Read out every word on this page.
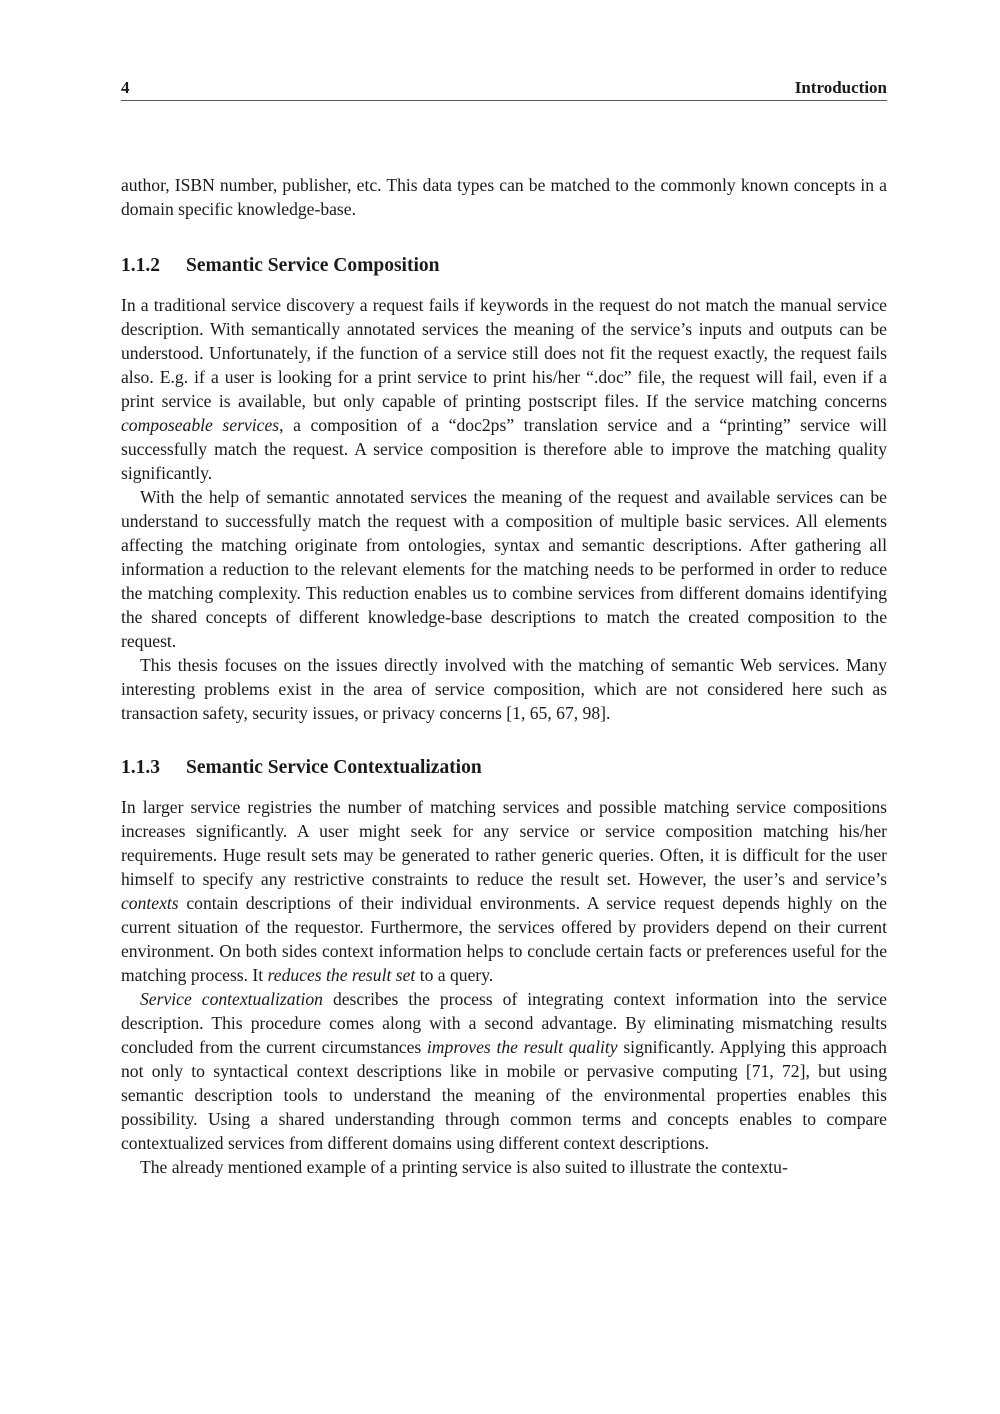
4	Introduction

author, ISBN number, publisher, etc. This data types can be matched to the commonly known concepts in a domain specific knowledge-base.

1.1.2 Semantic Service Composition

In a traditional service discovery a request fails if keywords in the request do not match the manual service description. With semantically annotated services the meaning of the service’s inputs and outputs can be understood. Unfortunately, if the function of a service still does not fit the request exactly, the request fails also. E.g. if a user is looking for a print service to print his/her “.doc” file, the request will fail, even if a print service is available, but only capable of printing postscript files. If the service matching concerns composeable services, a composition of a “doc2ps” translation service and a “printing” service will successfully match the request. A service composition is therefore able to improve the matching quality significantly.

With the help of semantic annotated services the meaning of the request and available services can be understand to successfully match the request with a composition of multiple basic services. All elements affecting the matching originate from ontologies, syntax and semantic descriptions. After gathering all information a reduction to the relevant elements for the matching needs to be performed in order to reduce the matching complexity. This reduction enables us to combine services from different domains identifying the shared concepts of different knowledge-base descriptions to match the created composition to the request.

This thesis focuses on the issues directly involved with the matching of semantic Web services. Many interesting problems exist in the area of service composition, which are not considered here such as transaction safety, security issues, or privacy concerns [1, 65, 67, 98].

1.1.3 Semantic Service Contextualization

In larger service registries the number of matching services and possible matching service compositions increases significantly. A user might seek for any service or service composition matching his/her requirements. Huge result sets may be generated to rather generic queries. Often, it is difficult for the user himself to specify any restrictive constraints to reduce the result set. However, the user’s and service’s contexts contain descriptions of their individual environments. A service request depends highly on the current situation of the requestor. Furthermore, the services offered by providers depend on their current environment. On both sides context information helps to conclude certain facts or preferences useful for the matching process. It reduces the result set to a query.

Service contextualization describes the process of integrating context information into the service description. This procedure comes along with a second advantage. By eliminating mismatching results concluded from the current circumstances improves the result quality significantly. Applying this approach not only to syntactical context descriptions like in mobile or pervasive computing [71, 72], but using semantic description tools to understand the meaning of the environmental properties enables this possibility. Using a shared understanding through common terms and concepts enables to compare contextualized services from different domains using different context descriptions.

The already mentioned example of a printing service is also suited to illustrate the contextu-
